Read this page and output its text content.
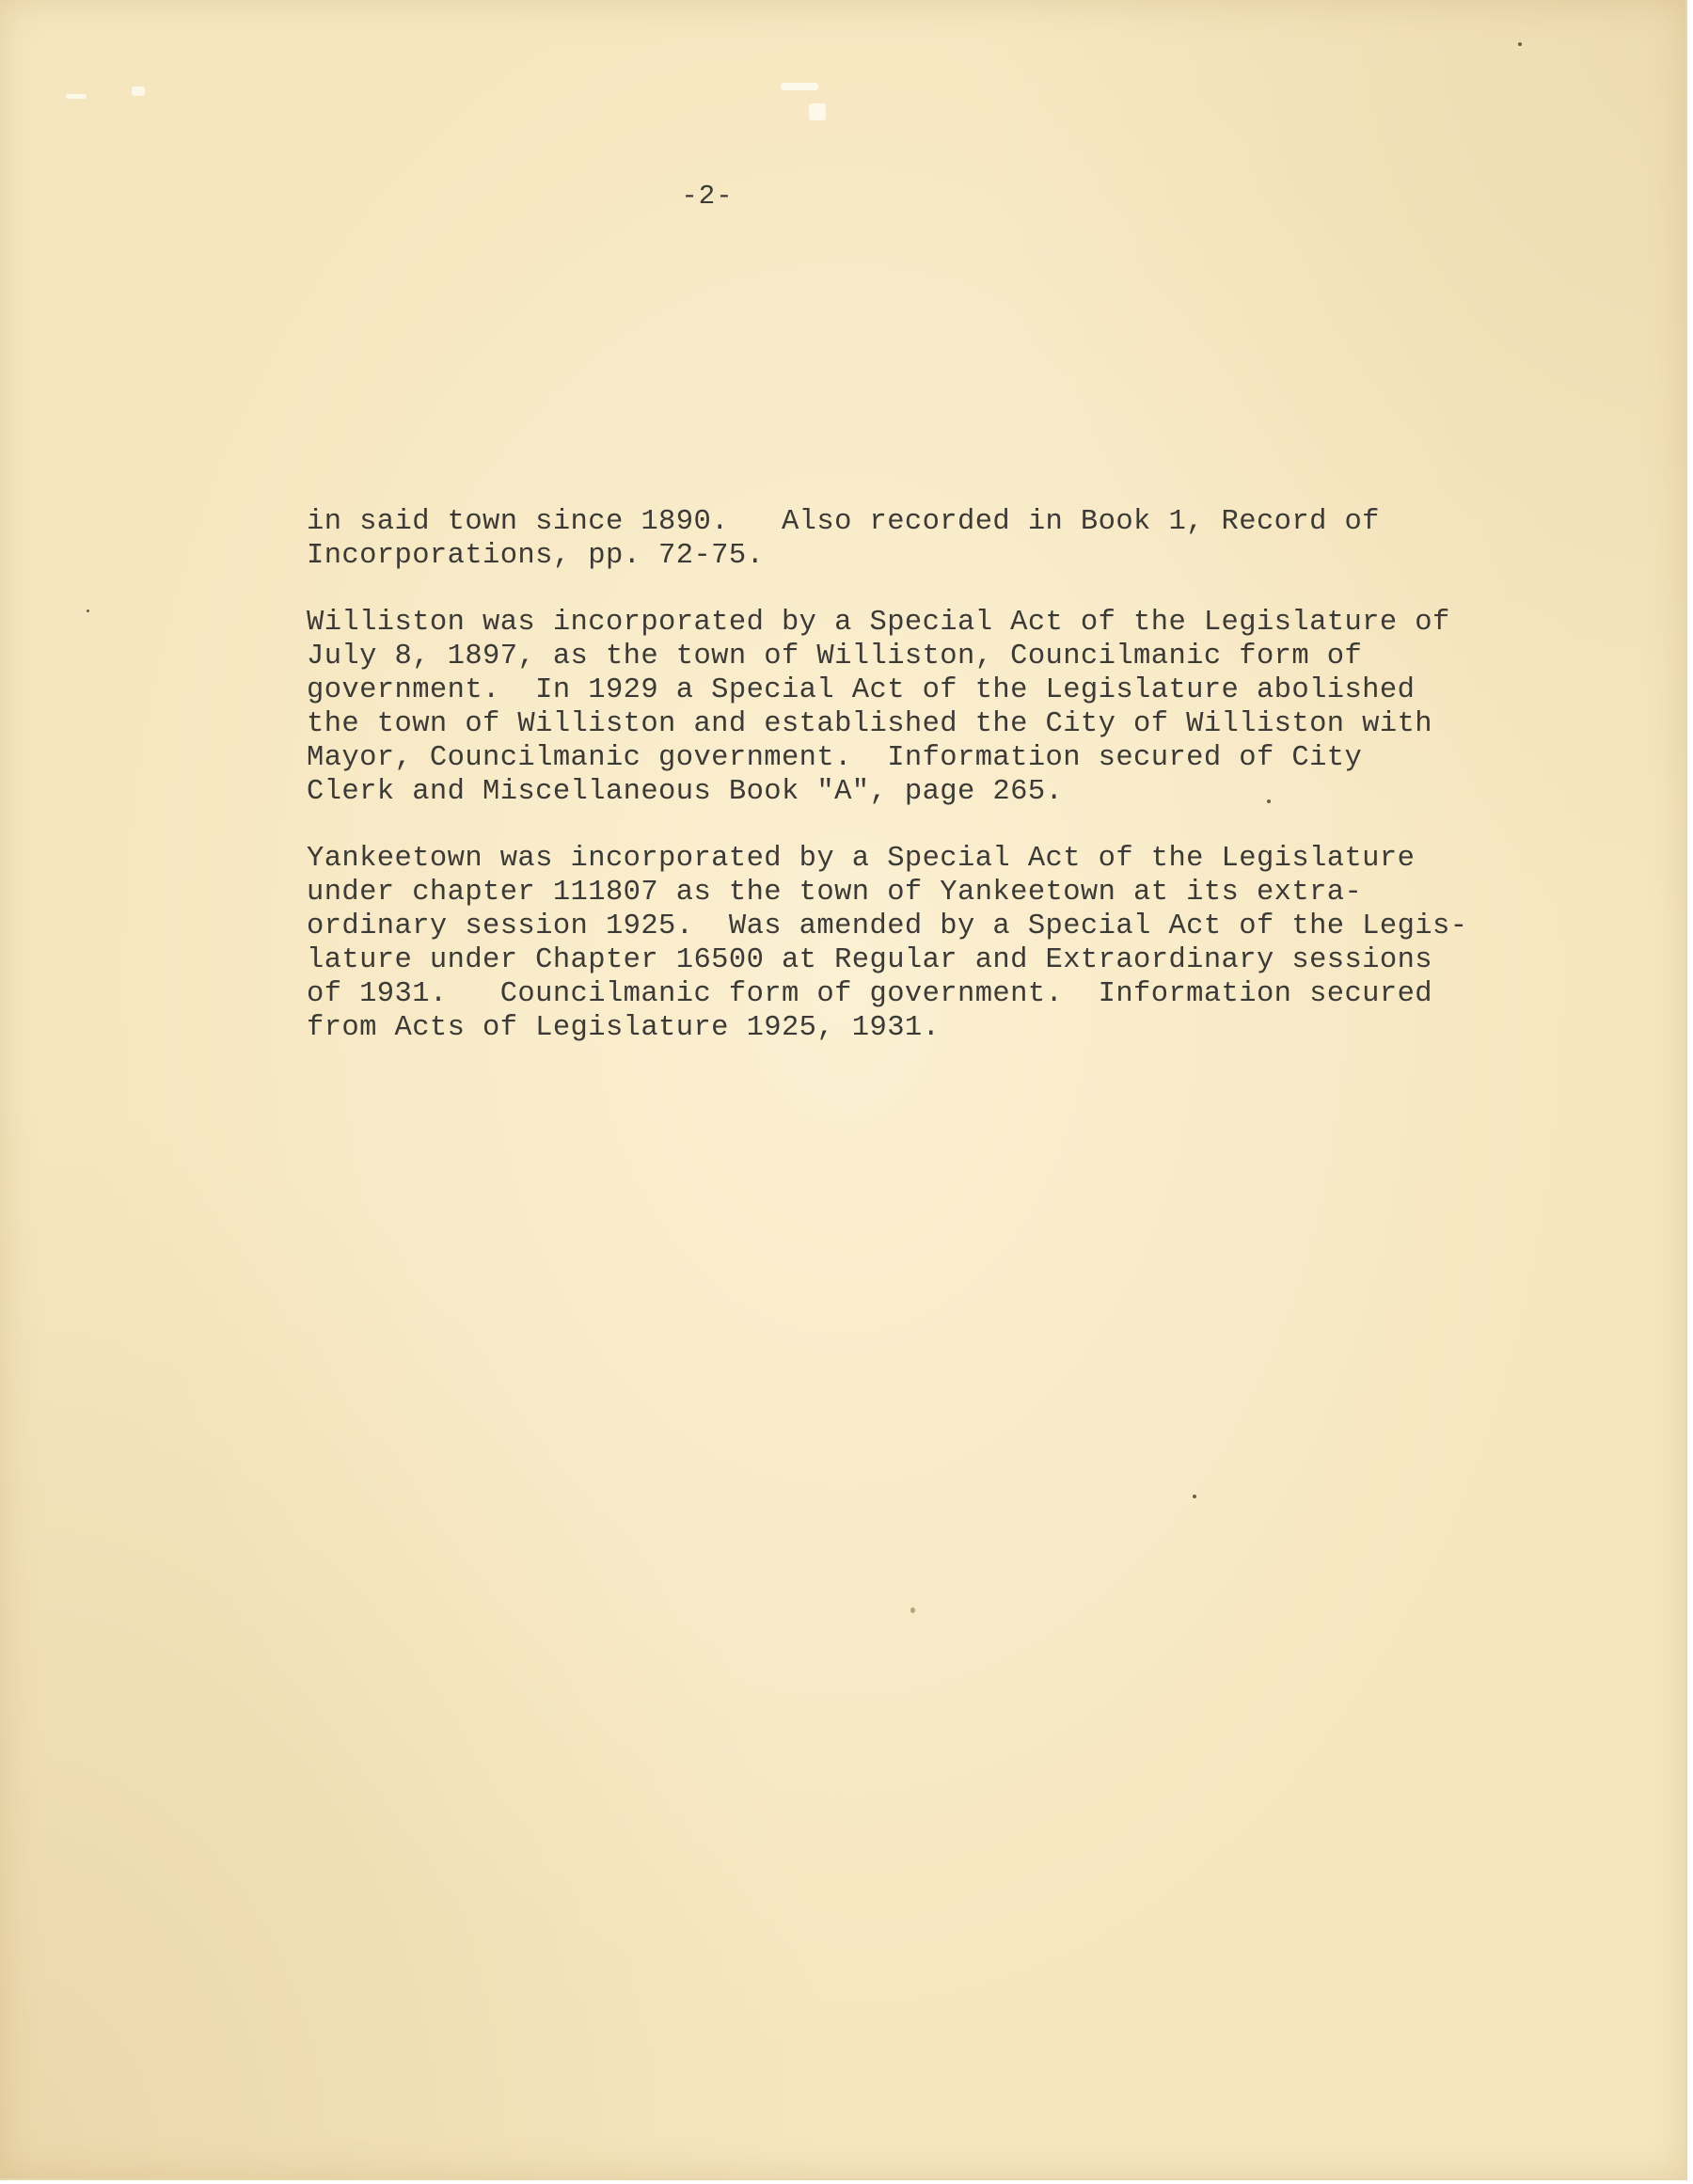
-2-
in said town since 1890.   Also recorded in Book 1, Record of
Incorporations, pp. 72-75.
Williston was incorporated by a Special Act of the Legislature of
July 8, 1897, as the town of Williston, Councilmanic form of
government.  In 1929 a Special Act of the Legislature abolished
the town of Williston and established the City of Williston with
Mayor, Councilmanic government.  Information secured of City
Clerk and Miscellaneous Book "A", page 265.
Yankeetown was incorporated by a Special Act of the Legislature
under chapter 111807 as the town of Yankeetown at its extra-
ordinary session 1925.  Was amended by a Special Act of the Legis-
lature under Chapter 16500 at Regular and Extraordinary sessions
of 1931.   Councilmanic form of government.  Information secured
from Acts of Legislature 1925, 1931.
